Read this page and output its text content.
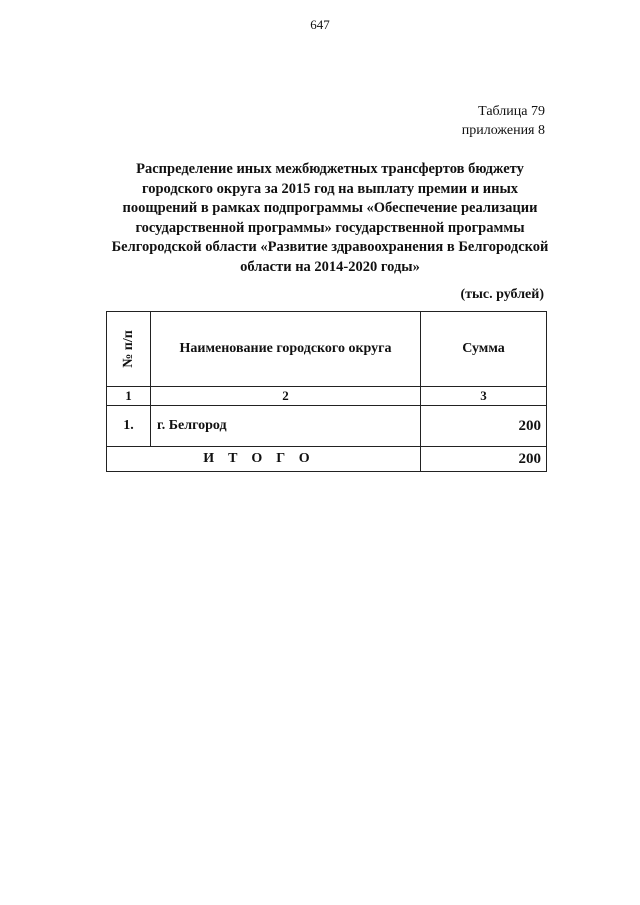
647
Таблица 79
приложения 8
Распределение иных межбюджетных трансфертов бюджету городского округа за 2015 год на выплату премии и иных поощрений в рамках подпрограммы «Обеспечение реализации государственной программы» государственной программы Белгородской области «Развитие здравоохранения в Белгородской области на 2014-2020 годы»
(тыс. рублей)
№ п/п	Наименование городского округа	Сумма
1	2	3
1.	г. Белгород	200
ИТОГО		200
